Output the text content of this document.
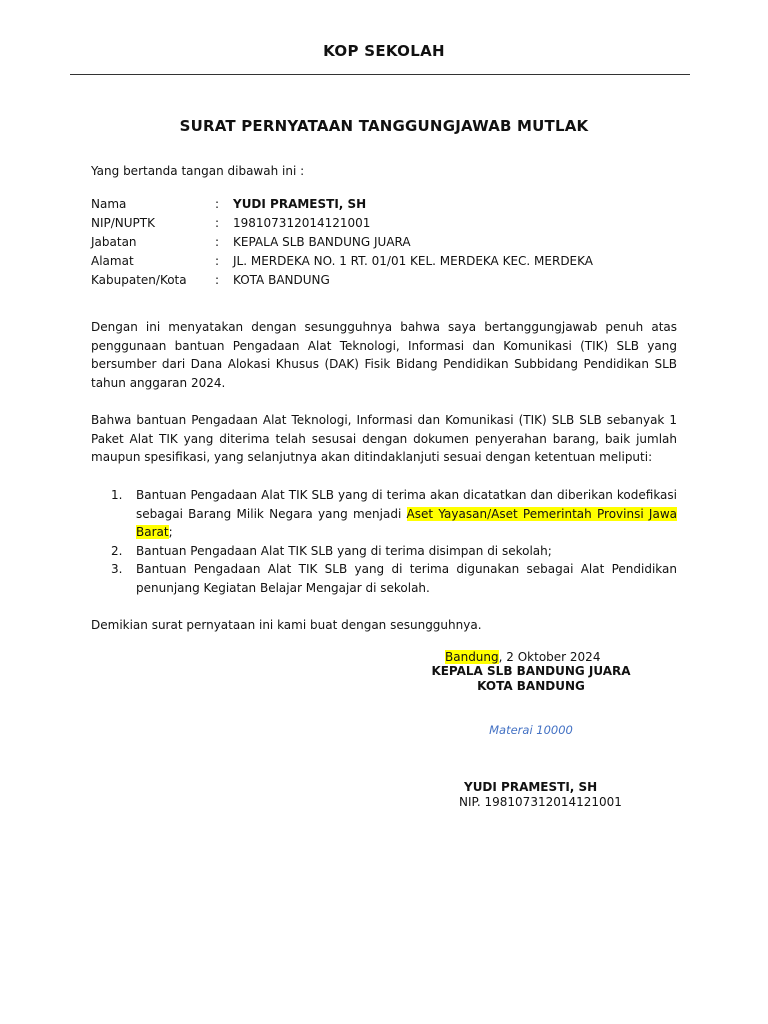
KOP SEKOLAH
SURAT PERNYATAAN TANGGUNGJAWAB MUTLAK
Yang bertanda tangan dibawah ini :
Nama	: YUDI PRAMESTI, SH
NIP/NUPTK	: 198107312014121001
Jabatan	: KEPALA SLB BANDUNG JUARA
Alamat	: JL. MERDEKA NO. 1 RT. 01/01 KEL. MERDEKA KEC. MERDEKA
Kabupaten/Kota : KOTA BANDUNG
Dengan ini menyatakan dengan sesungguhnya bahwa saya bertanggungjawab penuh atas penggunaan bantuan Pengadaan Alat Teknologi, Informasi dan Komunikasi (TIK) SLB yang bersumber dari Dana Alokasi Khusus (DAK) Fisik Bidang Pendidikan Subbidang Pendidikan SLB tahun anggaran 2024.
Bahwa bantuan Pengadaan Alat Teknologi, Informasi dan Komunikasi (TIK) SLB SLB sebanyak 1 Paket Alat TIK yang diterima telah sesusai dengan dokumen penyerahan barang, baik jumlah maupun spesifikasi, yang selanjutnya akan ditindaklanjuti sesuai dengan ketentuan meliputi:
1. Bantuan Pengadaan Alat TIK SLB yang di terima akan dicatatkan dan diberikan kodefikasi sebagai Barang Milik Negara yang menjadi Aset Yayasan/Aset Pemerintah Provinsi Jawa Barat;
2. Bantuan Pengadaan Alat TIK SLB yang di terima disimpan di sekolah;
3. Bantuan Pengadaan Alat TIK SLB yang di terima digunakan sebagai Alat Pendidikan penunjang Kegiatan Belajar Mengajar di sekolah.
Demikian surat pernyataan ini kami buat dengan sesungguhnya.
Bandung, 2 Oktober 2024
KEPALA SLB BANDUNG JUARA
KOTA BANDUNG
Materai 10000
YUDI PRAMESTI, SH
NIP. 198107312014121001
